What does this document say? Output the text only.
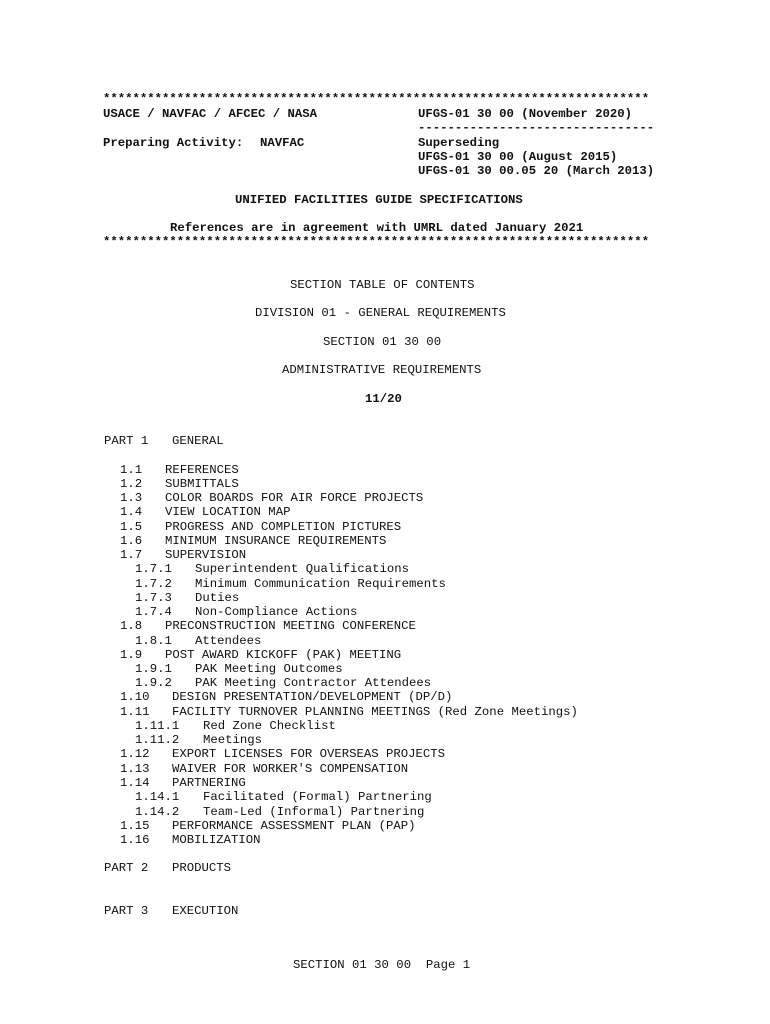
**************************************************************************
USACE / NAVFAC / AFCEC / NASA	UFGS-01 30 00 (November 2020)
--------------------------------
Preparing Activity: NAVFAC	Superseding
UFGS-01 30 00 (August 2015)
UFGS-01 30 00.05 20 (March 2013)
UNIFIED FACILITIES GUIDE SPECIFICATIONS
References are in agreement with UMRL dated January 2021
**************************************************************************
SECTION TABLE OF CONTENTS
DIVISION 01 - GENERAL REQUIREMENTS
SECTION 01 30 00
ADMINISTRATIVE REQUIREMENTS
11/20
PART 1 GENERAL
1.1 REFERENCES
1.2 SUBMITTALS
1.3 COLOR BOARDS FOR AIR FORCE PROJECTS
1.4 VIEW LOCATION MAP
1.5 PROGRESS AND COMPLETION PICTURES
1.6 MINIMUM INSURANCE REQUIREMENTS
1.7 SUPERVISION
1.7.1 Superintendent Qualifications
1.7.2 Minimum Communication Requirements
1.7.3 Duties
1.7.4 Non-Compliance Actions
1.8 PRECONSTRUCTION MEETING CONFERENCE
1.8.1 Attendees
1.9 POST AWARD KICKOFF (PAK) MEETING
1.9.1 PAK Meeting Outcomes
1.9.2 PAK Meeting Contractor Attendees
1.10 DESIGN PRESENTATION/DEVELOPMENT (DP/D)
1.11 FACILITY TURNOVER PLANNING MEETINGS (Red Zone Meetings)
1.11.1 Red Zone Checklist
1.11.2 Meetings
1.12 EXPORT LICENSES FOR OVERSEAS PROJECTS
1.13 WAIVER FOR WORKER'S COMPENSATION
1.14 PARTNERING
1.14.1 Facilitated (Formal) Partnering
1.14.2 Team-Led (Informal) Partnering
1.15 PERFORMANCE ASSESSMENT PLAN (PAP)
1.16 MOBILIZATION
PART 2 PRODUCTS
PART 3 EXECUTION
SECTION 01 30 00  Page 1
